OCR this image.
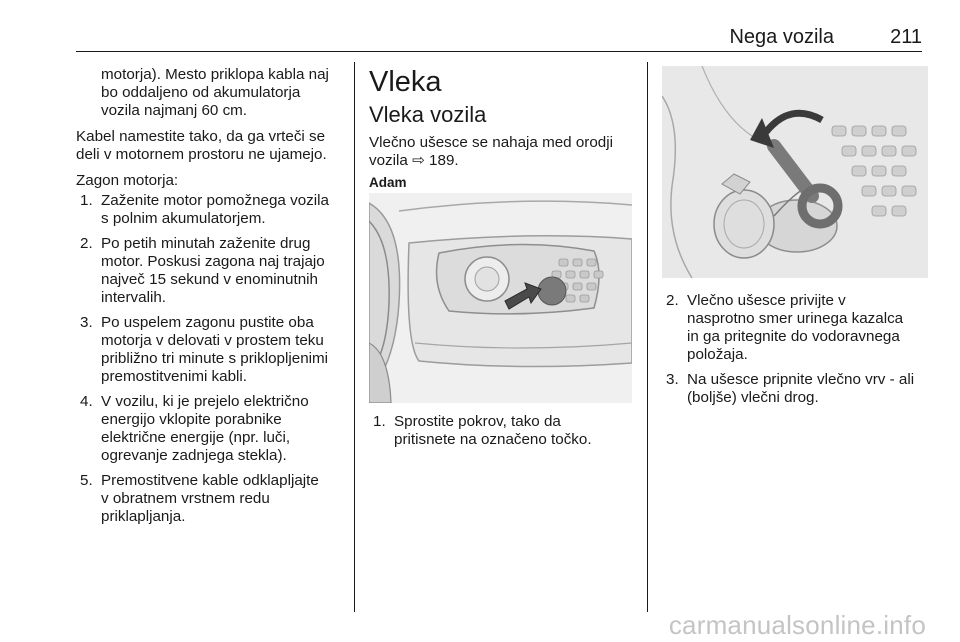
Nega vozila	211

motorja). Mesto priklopa kabla naj
bo oddaljeno od akumulatorja
vozila najmanj 60 cm.

Kabel namestite tako, da ga vrteči se
deli v motornem prostoru ne ujamejo.

Zagon motorja:

1. Zaženite motor pomožnega vozila
s polnim akumulatorjem.
2. Po petih minutah zaženite drug
motor. Poskusi zagona naj trajajo
največ 15 sekund v enominutnih
intervalih.
3. Po uspelem zagonu pustite oba
motorja v delovati v prostem teku
približno tri minute s priklopljenimi
premostitvenimi kabli.
4. V vozilu, ki je prejelo električno
energijo vklopite porabnike
električne energije (npr. luči,
ogrevanje zadnjega stekla).
5. Premostitvene kable odklapljajte
v obratnem vrstnem redu
priklapljanja.
Vleka
Vleka vozila

Vlečno ušesce se nahaja med orodji
vozila ⇨ 189.

Adam
1. Sprostite pokrov, tako da
pritisnete na označeno točko.
2. Vlečno ušesce privijte v
nasprotno smer urinega kazalca
in ga pritegnite do vodoravnega
položaja.
3. Na ušesce pripnite vlečno vrv - ali
(boljše) vlečni drog.
carmanualsonline.info
